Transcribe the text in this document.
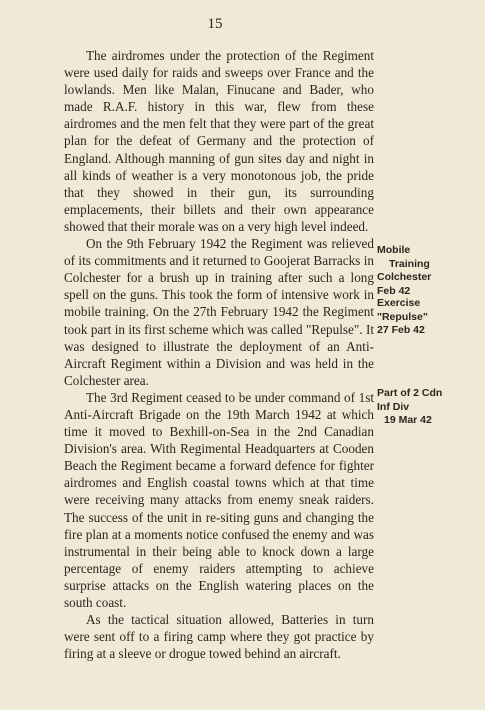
15

The airdromes under the protection of the Regiment were used daily for raids and sweeps over France and the lowlands. Men like Malan, Finucane and Bader, who made R.A.F. history in this war, flew from these airdromes and the men felt that they were part of the great plan for the defeat of Germany and the protection of England. Although manning of gun sites day and night in all kinds of weather is a very monotonous job, the pride that they showed in their gun, its surrounding emplacements, their billets and their own appearance showed that their morale was on a very high level indeed.

On the 9th February 1942 the Regiment was relieved of its commitments and it returned to Goojerat Barracks in Colchester for a brush up in training after such a long spell on the guns. This took the form of intensive work in mobile training. On the 27th February 1942 the Regiment took part in its first scheme which was called "Repulse". It was designed to illustrate the deployment of an Anti-Aircraft Regiment within a Division and was held in the Colchester area.

The 3rd Regiment ceased to be under command of 1st Anti-Aircraft Brigade on the 19th March 1942 at which time it moved to Bexhill-on-Sea in the 2nd Canadian Division's area. With Regimental Headquarters at Cooden Beach the Regiment became a forward defence for fighter airdromes and English coastal towns which at that time were receiving many attacks from enemy sneak raiders. The success of the unit in re-siting guns and changing the fire plan at a moments notice confused the enemy and was instrumental in their being able to knock down a large percentage of enemy raiders attempting to achieve surprise attacks on the English watering places on the south coast.

As the tactical situation allowed, Batteries in turn were sent off to a firing camp where they got practice by firing at a sleeve or drogue towed behind an aircraft.

Mobile
Training
Colchester
Feb 42
Exercise
"Repulse"
27 Feb 42
Part of 2 Cdn
Inf Div
19 Mar 42
